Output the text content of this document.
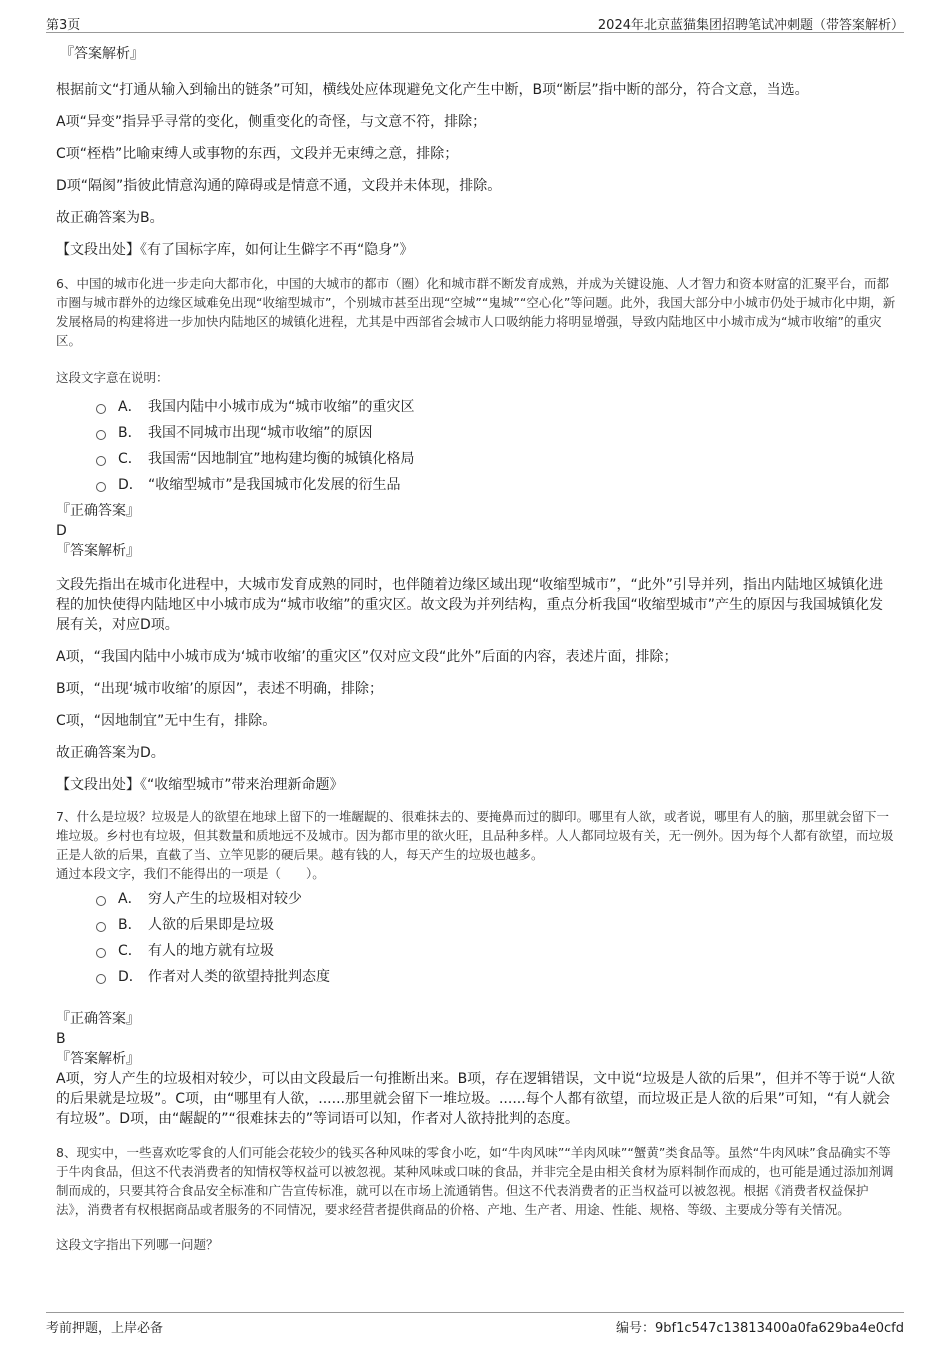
第3页	2024年北京蓝猫集团招聘笔试冲刺题（带答案解析）
『答案解析』
根据前文“打通从输入到输出的链条”可知，横线处应体现避免文化产生中断，B项“断层”指中断的部分，符合文意，当选。
A项“异变”指异乎寻常的变化，侧重变化的奇怪，与文意不符，排除；
C项“桎梏”比喻束缚人或事物的东西，文段并无束缚之意，排除；
D项“隔阂”指彼此情意沟通的障碍或是情意不通，文段并未体现，排除。
故正确答案为B。
【文段出处】《有了国标字库，如何让生僻字不再“隐身”》
6、中国的城市化进一步走向大都市化，中国的大城市的都市（圈）化和城市群不断发育成熟，并成为关键设施、人才智力和资本财富的汇聚平台，而都市圈与城市群外的边缘区域难免出现“收缩型城市”，个别城市甚至出现“空城”“鬼城”“空心化”等问题。此外，我国大部分中小城市仍处于城市化中期，新发展格局的构建将进一步加快内陆地区的城镇化进程，尤其是中西部省会城市人口吸纳能力将明显增强，导致内陆地区中小城市成为“城市收缩”的重灾区。
这段文字意在说明：
A． 我国内陆中小城市成为“城市收缩”的重灾区
B． 我国不同城市出现“城市收缩”的原因
C． 我国需“因地制宜”地构建均衡的城镇化格局
D． “收缩型城市”是我国城市化发展的衍生品
『正确答案』
D
『答案解析』
文段先指出在城市化进程中，大城市发育成熟的同时，也伴随着边缘区域出现“收缩型城市”，“此外”引导并列，指出内陆地区城镇化进程的加快使得内陆地区中小城市成为“城市收缩”的重灾区。故文段为并列结构，重点分析我国“收缩型城市”产生的原因与我国城镇化发展有关，对应D项。
A项，“我国内陆中小城市成为‘城市收缩’的重灾区”仅对应文段“此外”后面的内容，表述片面，排除；
B项，“出现‘城市收缩’的原因”，表述不明确，排除；
C项，“因地制宜”无中生有，排除。
故正确答案为D。
【文段出处】《“收缩型城市”带来治理新命题》
7、什么是垃圾？垃圾是人的欲望在地球上留下的一堆龌龊的、很难抹去的、要掩鼻而过的脚印。哪里有人欲，或者说，哪里有人的脑，那里就会留下一堆垃圾。乡村也有垃圾，但其数量和质地远不及城市。因为都市里的欲火旺，且品种多样。人人都同垃圾有关，无一例外。因为每个人都有欲望，而垃圾正是人欲的后果，直截了当、立竿见影的硬后果。越有钱的人，每天产生的垃圾也越多。
通过本段文字，我们不能得出的一项是（　　）。
A． 穷人产生的垃圾相对较少
B． 人欲的后果即是垃圾
C． 有人的地方就有垃圾
D． 作者对人类的欲望持批判态度
『正确答案』
B
『答案解析』
A项，穷人产生的垃圾相对较少，可以由文段最后一句推断出来。B项，存在逻辑错误，文中说“垃圾是人欲的后果”，但并不等于说“人欲的后果就是垃圾”。C项，由“哪里有人欲，......那里就会留下一堆垃圾。......每个人都有欲望，而垃圾正是人欲的后果”可知，“有人就会有垃圾”。D项，由“龌龊的”“很难抹去的”等词语可以知，作者对人欲持批判的态度。
8、现实中，一些喜欢吃零食的人们可能会花较少的钱买各种风味的零食小吃，如“牛肉风味”“羊肉风味”“蟹黄”类食品等。虽然“牛肉风味”食品确实不等于牛肉食品，但这不代表消费者的知情权等权益可以被忽视。某种风味或口味的食品，并非完全是由相关食材为原料制作而成的，也可能是通过添加剂调制而成的，只要其符合食品安全标准和广告宣传标准，就可以在市场上流通销售。但这不代表消费者的正当权益可以被忽视。根据《消费者权益保护法》，消费者有权根据商品或者服务的不同情况，要求经营者提供商品的价格、产地、生产者、用途、性能、规格、等级、主要成分等有关情况。
这段文字指出下列哪一问题？
考前押题，上岸必备	编号：9bf1c547c13813400a0fa629ba4e0cfd
